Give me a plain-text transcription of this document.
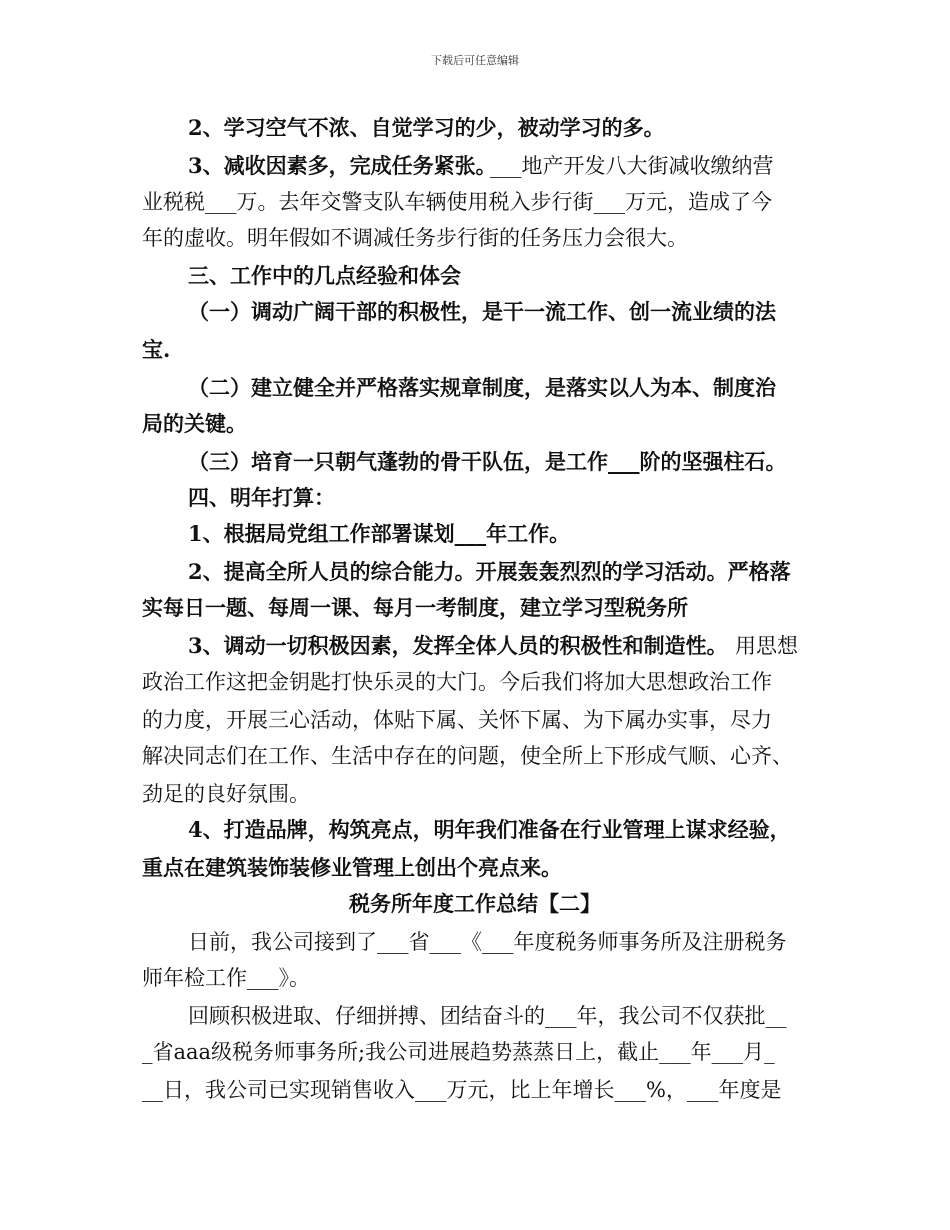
下载后可任意编辑
2、学习空气不浓、自觉学习的少，被动学习的多。
3、减收因素多，完成任务紧张。
___地产开发八大街减收缴纳营
业税税___万。去年交警支队车辆使用税入步行街___万元，造成了今
年的虚收。明年假如不调减任务步行街的任务压力会很大。
三、工作中的几点经验和体会
（一）调动广阔干部的积极性，是干一流工作、创一流业绩的法
宝.
（二）建立健全并严格落实规章制度，是落实以人为本、制度治
局的关键。
（三）培育一只朝气蓬勃的骨干队伍，是工作___阶的坚强柱石。
四、明年打算：
1、根据局党组工作部署谋划___年工作。
2、提高全所人员的综合能力。开展轰轰烈烈的学习活动。严格落
实每日一题、每周一课、每月一考制度，建立学习型税务所
3、调动一切积极因素，发挥全体人员的积极性和制造性。 用思想
政治工作这把金钥匙打快乐灵的大门。今后我们将加大思想政治工作
的力度，开展三心活动，体贴下属、关怀下属、为下属办实事，尽力
解决同志们在工作、生活中存在的问题，使全所上下形成气顺、心齐、
劲足的良好氛围。
4、打造品牌，构筑亮点，明年我们准备在行业管理上谋求经验，
重点在建筑装饰装修业管理上创出个亮点来。
税务所年度工作总结【二】
日前，我公司接到了___省___《___年度税务师事务所及注册税务
师年检工作___》。
回顾积极进取、仔细拼搏、团结奋斗的___年，我公司不仅获批__
_省aaa级税务师事务所;我公司进展趋势蒸蒸日上，截止___年___月_
__日，我公司已实现销售收入___万元，比上年增长___%，___年度是
